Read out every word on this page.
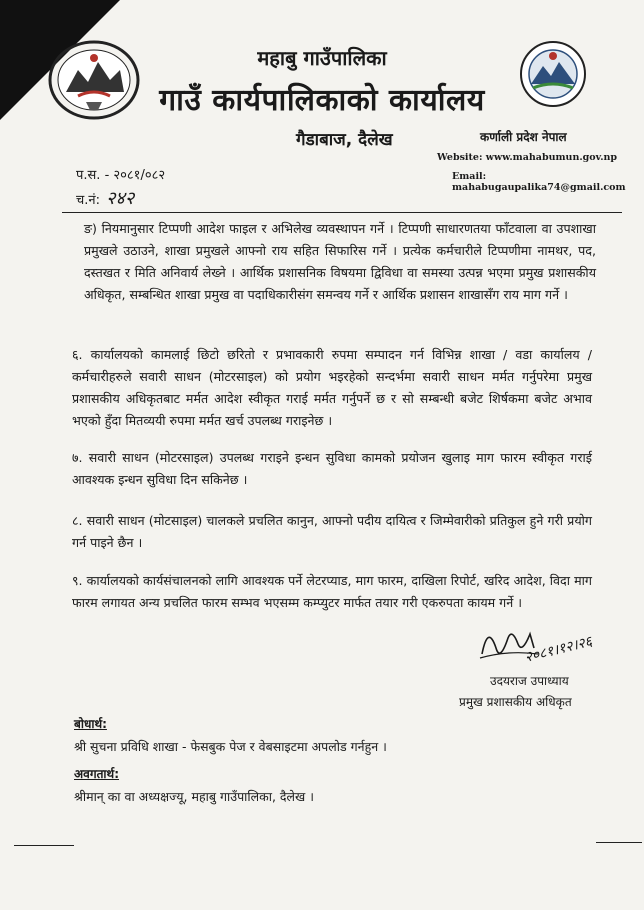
महाबु गाउँपालिका
गाउँ कार्यपालिकाको कार्यालय
गैडाबाज, दैलेख	कर्णाली प्रदेश नेपाल
Website: www.mahabumun.gov.np
Email: mahabugaupalika74@gmail.com
प.स. - २०८१/०८२
च.नं: २४२

ङ) नियमानुसार टिप्पणी आदेश फाइल र अभिलेख व्यवस्थापन गर्ने । टिप्पणी साधारणतया फाँटवाला वा उपशाखा प्रमुखले उठाउने, शाखा प्रमुखले आफ्नो राय सहित सिफारिस गर्ने । प्रत्येक कर्मचारीले टिप्पणीमा नामथर, पद, दस्तखत र मिति अनिवार्य लेख्ने । आर्थिक प्रशासनिक विषयमा द्विविधा वा समस्या उत्पन्न भएमा प्रमुख प्रशासकीय अधिकृत, सम्बन्धित शाखा प्रमुख वा पदाधिकारीसंग समन्वय गर्ने र आर्थिक प्रशासन शाखासँग राय माग गर्ने ।

६. कार्यालयको कामलाई छिटो छरितो र प्रभावकारी रुपमा सम्पादन गर्न विभिन्न शाखा / वडा कार्यालय / कर्मचारीहरुले सवारी साधन (मोटरसाइल) को प्रयोग भइरहेको सन्दर्भमा सवारी साधन मर्मत गर्नुपरेमा प्रमुख प्रशासकीय अधिकृतबाट मर्मत आदेश स्वीकृत गराई मर्मत गर्नुपर्ने छ र सो सम्बन्धी बजेट शिर्षकमा बजेट अभाव भएको हुँदा मितव्ययी रुपमा मर्मत खर्च उपलब्ध गराइनेछ ।

७. सवारी साधन (मोटरसाइल) उपलब्ध गराइने इन्धन सुविधा कामको प्रयोजन खुलाइ माग फारम स्वीकृत गराई आवश्यक इन्धन सुविधा दिन सकिनेछ ।

८. सवारी साधन (मोटसाइल) चालकले प्रचलित कानुन, आफ्नो पदीय दायित्व र जिम्मेवारीको प्रतिकुल हुने गरी प्रयोग गर्न पाइने छैन ।

९. कार्यालयको कार्यसंचालनको लागि आवश्यक पर्ने लेटरप्याड, माग फारम, दाखिला रिपोर्ट, खरिद आदेश, विदा माग फारम लगायत अन्य प्रचलित फारम सम्भव भएसम्म कम्प्युटर मार्फत तयार गरी एकरुपता कायम गर्ने ।

२०८१।१२।२६
उदयराज उपाध्याय
प्रमुख प्रशासकीय अधिकृत
बोधार्थ:
श्री सुचना प्रविधि शाखा - फेसबुक पेज र वेबसाइटमा अपलोड गर्नहुन ।
अवगतार्थ:
श्रीमान् का वा अध्यक्षज्यू, महाबु गाउँपालिका, दैलेख ।
